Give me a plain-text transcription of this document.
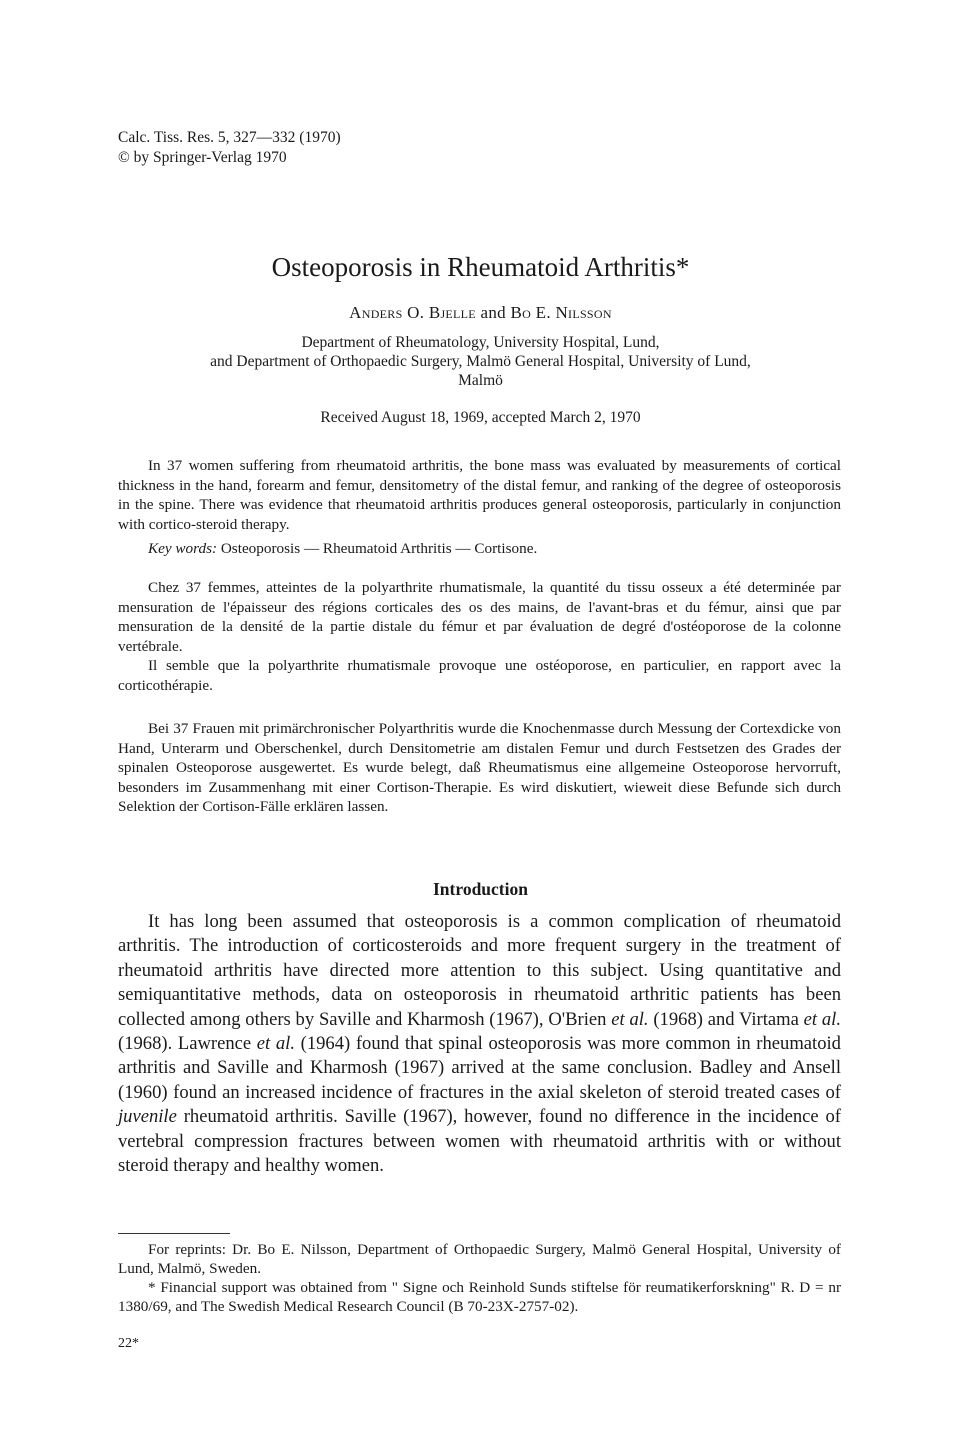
Calc. Tiss. Res. 5, 327—332 (1970)
© by Springer-Verlag 1970
Osteoporosis in Rheumatoid Arthritis*
Anders O. Bjelle and Bo E. Nilsson
Department of Rheumatology, University Hospital, Lund,
and Department of Orthopaedic Surgery, Malmö General Hospital, University of Lund,
Malmö
Received August 18, 1969, accepted March 2, 1970

In 37 women suffering from rheumatoid arthritis, the bone mass was evaluated by measurements of cortical thickness in the hand, forearm and femur, densitometry of the distal femur, and ranking of the degree of osteoporosis in the spine. There was evidence that rheumatoid arthritis produces general osteoporosis, particularly in conjunction with cortico-steroid therapy.

Key words: Osteoporosis — Rheumatoid Arthritis — Cortisone.

Chez 37 femmes, atteintes de la polyarthrite rhumatismale, la quantité du tissu osseux a été determinée par mensuration de l'épaisseur des régions corticales des os des mains, de l'avant-bras et du fémur, ainsi que par mensuration de la densité de la partie distale du fémur et par évaluation de degré d'ostéoporose de la colonne vertébrale.

Il semble que la polyarthrite rhumatismale provoque une ostéoporose, en particulier, en rapport avec la corticothérapie.

Bei 37 Frauen mit primärchronischer Polyarthritis wurde die Knochenmasse durch Messung der Cortexdicke von Hand, Unterarm und Oberschenkel, durch Densitometrie am distalen Femur und durch Festsetzen des Grades der spinalen Osteoporose ausgewertet. Es wurde belegt, daß Rheumatismus eine allgemeine Osteoporose hervorruft, besonders im Zusammenhang mit einer Cortison-Therapie. Es wird diskutiert, wieweit diese Befunde sich durch Selektion der Cortison-Fälle erklären lassen.

Introduction

It has long been assumed that osteoporosis is a common complication of rheumatoid arthritis. The introduction of corticosteroids and more frequent surgery in the treatment of rheumatoid arthritis have directed more attention to this subject. Using quantitative and semiquantitative methods, data on osteoporosis in rheumatoid arthritic patients has been collected among others by Saville and Kharmosh (1967), O'Brien et al. (1968) and Virtama et al. (1968). Lawrence et al. (1964) found that spinal osteoporosis was more common in rheumatoid arthritis and Saville and Kharmosh (1967) arrived at the same conclusion. Badley and Ansell (1960) found an increased incidence of fractures in the axial skeleton of steroid treated cases of juvenile rheumatoid arthritis. Saville (1967), however, found no difference in the incidence of vertebral compression fractures between women with rheumatoid arthritis with or without steroid therapy and healthy women.

For reprints: Dr. Bo E. Nilsson, Department of Orthopaedic Surgery, Malmö General Hospital, University of Lund, Malmö, Sweden.

* Financial support was obtained from " Signe och Reinhold Sunds stiftelse för reumatikerforskning" R. D = nr 1380/69, and The Swedish Medical Research Council (B 70-23X-2757-02).

22*
